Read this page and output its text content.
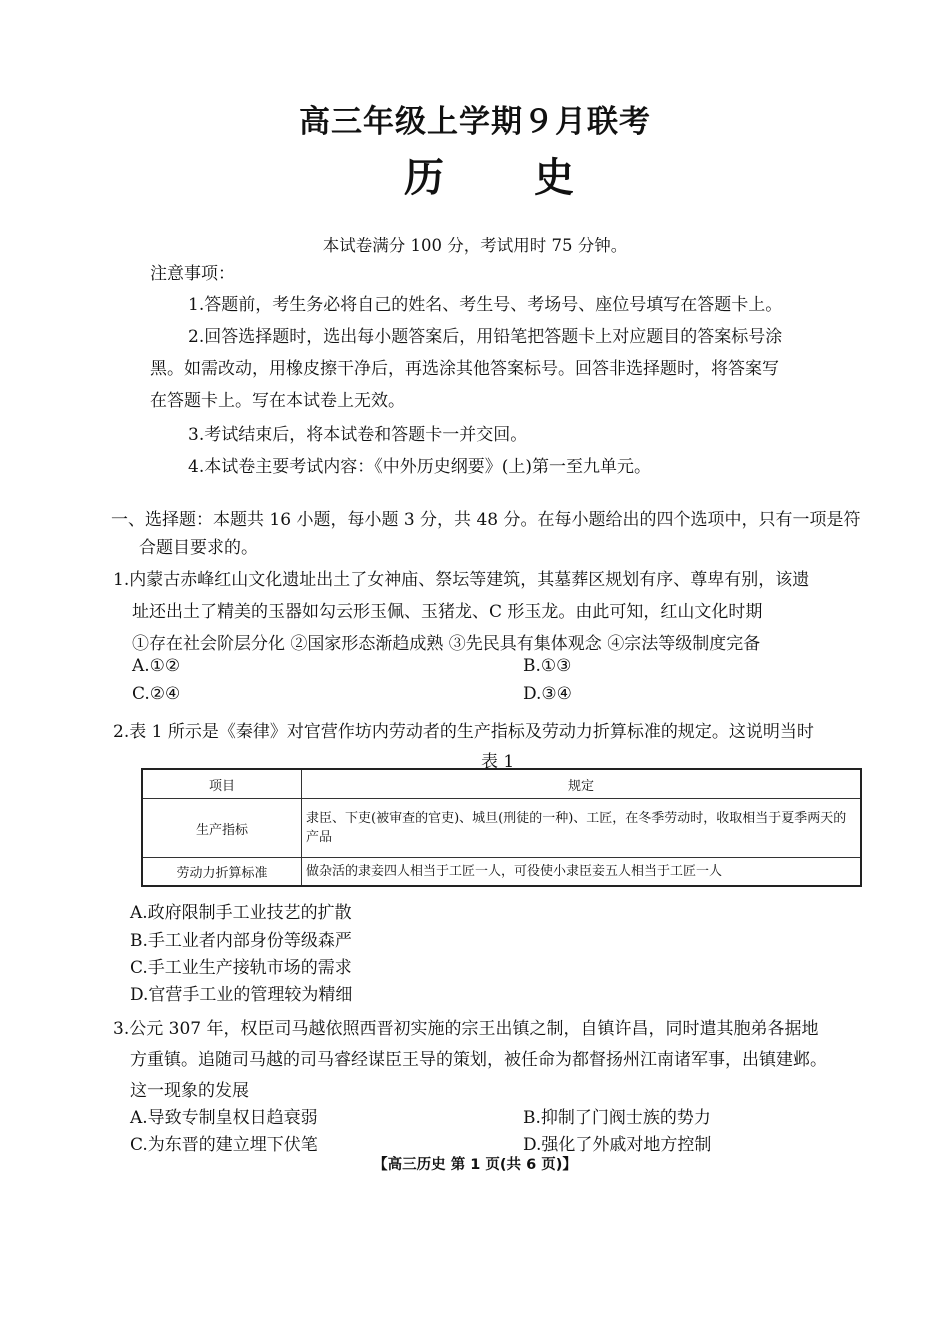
高三年级上学期９月联考
历 史
本试卷满分 100 分，考试用时 75 分钟。
注意事项：
1.答题前，考生务必将自己的姓名、考生号、考场号、座位号填写在答题卡上。
2.回答选择题时，选出每小题答案后，用铅笔把答题卡上对应题目的答案标号涂
黑。如需改动，用橡皮擦干净后，再选涂其他答案标号。回答非选择题时，将答案写
在答题卡上。写在本试卷上无效。
3.考试结束后，将本试卷和答题卡一并交回。
4.本试卷主要考试内容：《中外历史纲要》(上)第一至九单元。
一、选择题：本题共 16 小题，每小题 3 分，共 48 分。在每小题给出的四个选项中，只有一项是符
合题目要求的。
1.内蒙古赤峰红山文化遗址出土了女神庙、祭坛等建筑，其墓葬区规划有序、尊卑有别，该遗
址还出土了精美的玉器如勾云形玉佩、玉猪龙、C 形玉龙。由此可知，红山文化时期
①存在社会阶层分化 ②国家形态渐趋成熟 ③先民具有集体观念 ④宗法等级制度完备
A.①②	B.①③
C.②④	D.③④
2.表 1 所示是《秦律》对官营作坊内劳动者的生产指标及劳动力折算标准的规定。这说明当时
表 1
项目	规定
生产指标	隶臣、下吏(被审查的官吏)、城旦(刑徒的一种)、工匠，在冬季劳动时，收取相当于夏季两天的产品
劳动力折算标准	做杂活的隶妾四人相当于工匠一人，可役使小隶臣妾五人相当于工匠一人
A.政府限制手工业技艺的扩散
B.手工业者内部身份等级森严
C.手工业生产接轨市场的需求
D.官营手工业的管理较为精细
3.公元 307 年，权臣司马越依照西晋初实施的宗王出镇之制，自镇许昌，同时遣其胞弟各据地
方重镇。追随司马越的司马睿经谋臣王导的策划，被任命为都督扬州江南诸军事，出镇建邺。
这一现象的发展
A.导致专制皇权日趋衰弱	B.抑制了门阀士族的势力
C.为东晋的建立埋下伏笔	D.强化了外戚对地方控制
【高三历史 第 1 页(共 6 页)】
